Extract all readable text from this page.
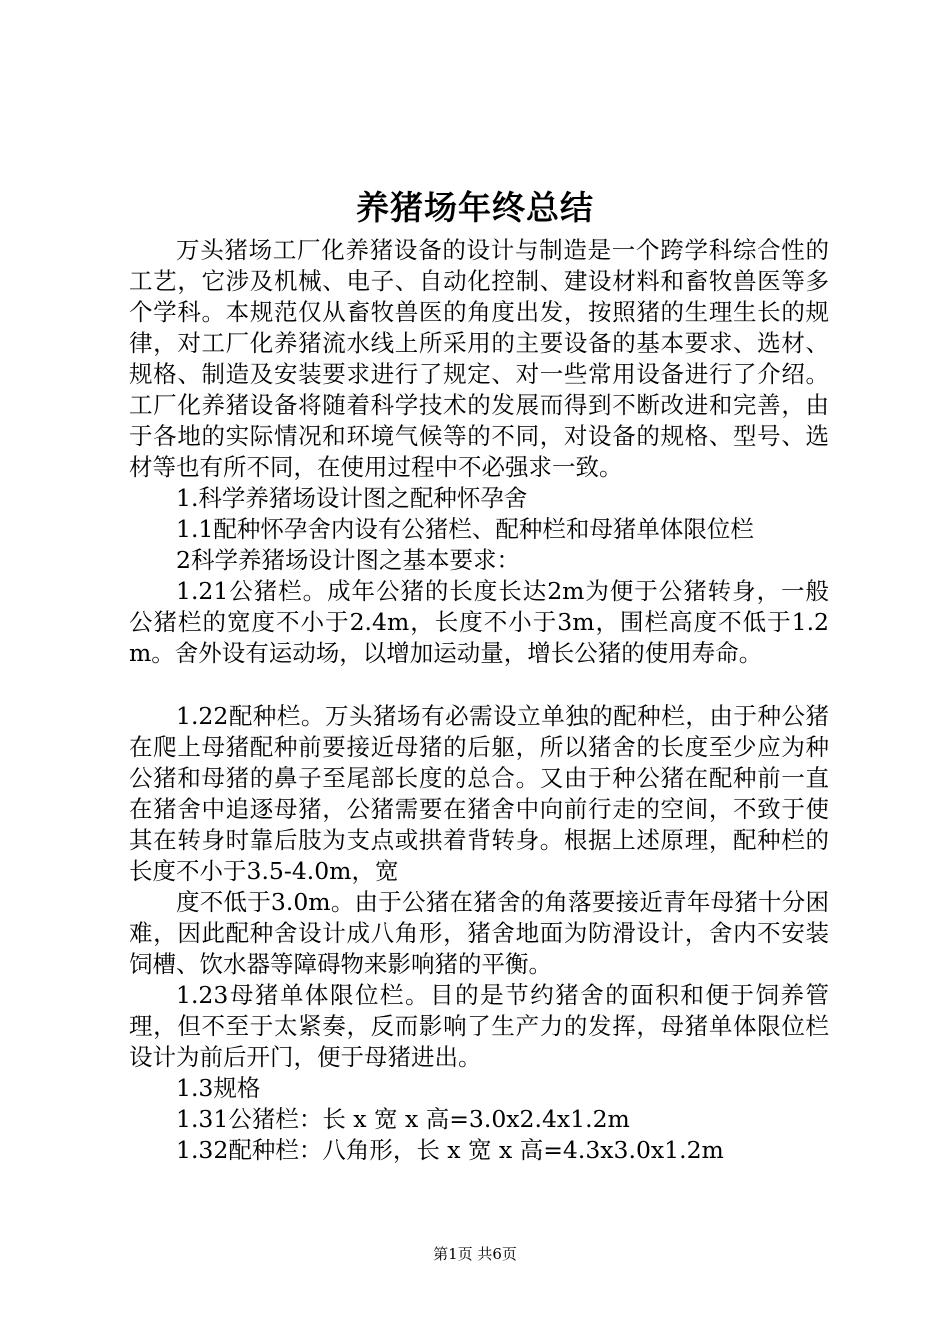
养猪场年终总结

万头猪场工厂化养猪设备的设计与制造是一个跨学科综合性的工艺，它涉及机械、电子、自动化控制、建设材料和畜牧兽医等多个学科。本规范仅从畜牧兽医的角度出发，按照猪的生理生长的规律，对工厂化养猪流水线上所采用的主要设备的基本要求、选材、规格、制造及安装要求进行了规定、对一些常用设备进行了介绍。工厂化养猪设备将随着科学技术的发展而得到不断改进和完善，由于各地的实际情况和环境气候等的不同，对设备的规格、型号、选材等也有所不同，在使用过程中不必强求一致。

1.科学养猪场设计图之配种怀孕舍

1.1配种怀孕舍内设有公猪栏、配种栏和母猪单体限位栏

2科学养猪场设计图之基本要求：

1.21公猪栏。成年公猪的长度长达2m为便于公猪转身，一般公猪栏的宽度不小于2.4m，长度不小于3m，围栏高度不低于1.2m。舍外设有运动场，以增加运动量，增长公猪的使用寿命。

1.22配种栏。万头猪场有必需设立单独的配种栏，由于种公猪在爬上母猪配种前要接近母猪的后躯，所以猪舍的长度至少应为种公猪和母猪的鼻子至尾部长度的总合。又由于种公猪在配种前一直在猪舍中追逐母猪，公猪需要在猪舍中向前行走的空间，不致于使其在转身时靠后肢为支点或拱着背转身。根据上述原理，配种栏的长度不小于3.5-4.0m，宽

度不低于3.0m。由于公猪在猪舍的角落要接近青年母猪十分困难，因此配种舍设计成八角形，猪舍地面为防滑设计，舍内不安装饲槽、饮水器等障碍物来影响猪的平衡。

1.23母猪单体限位栏。目的是节约猪舍的面积和便于饲养管理，但不至于太紧奏，反而影响了生产力的发挥，母猪单体限位栏设计为前后开门，便于母猪进出。

1.3规格

1.31公猪栏：长 x 宽 x 高=3.0x2.4x1.2m

1.32配种栏：八角形，长 x 宽 x 高=4.3x3.0x1.2m

第1页 共6页
